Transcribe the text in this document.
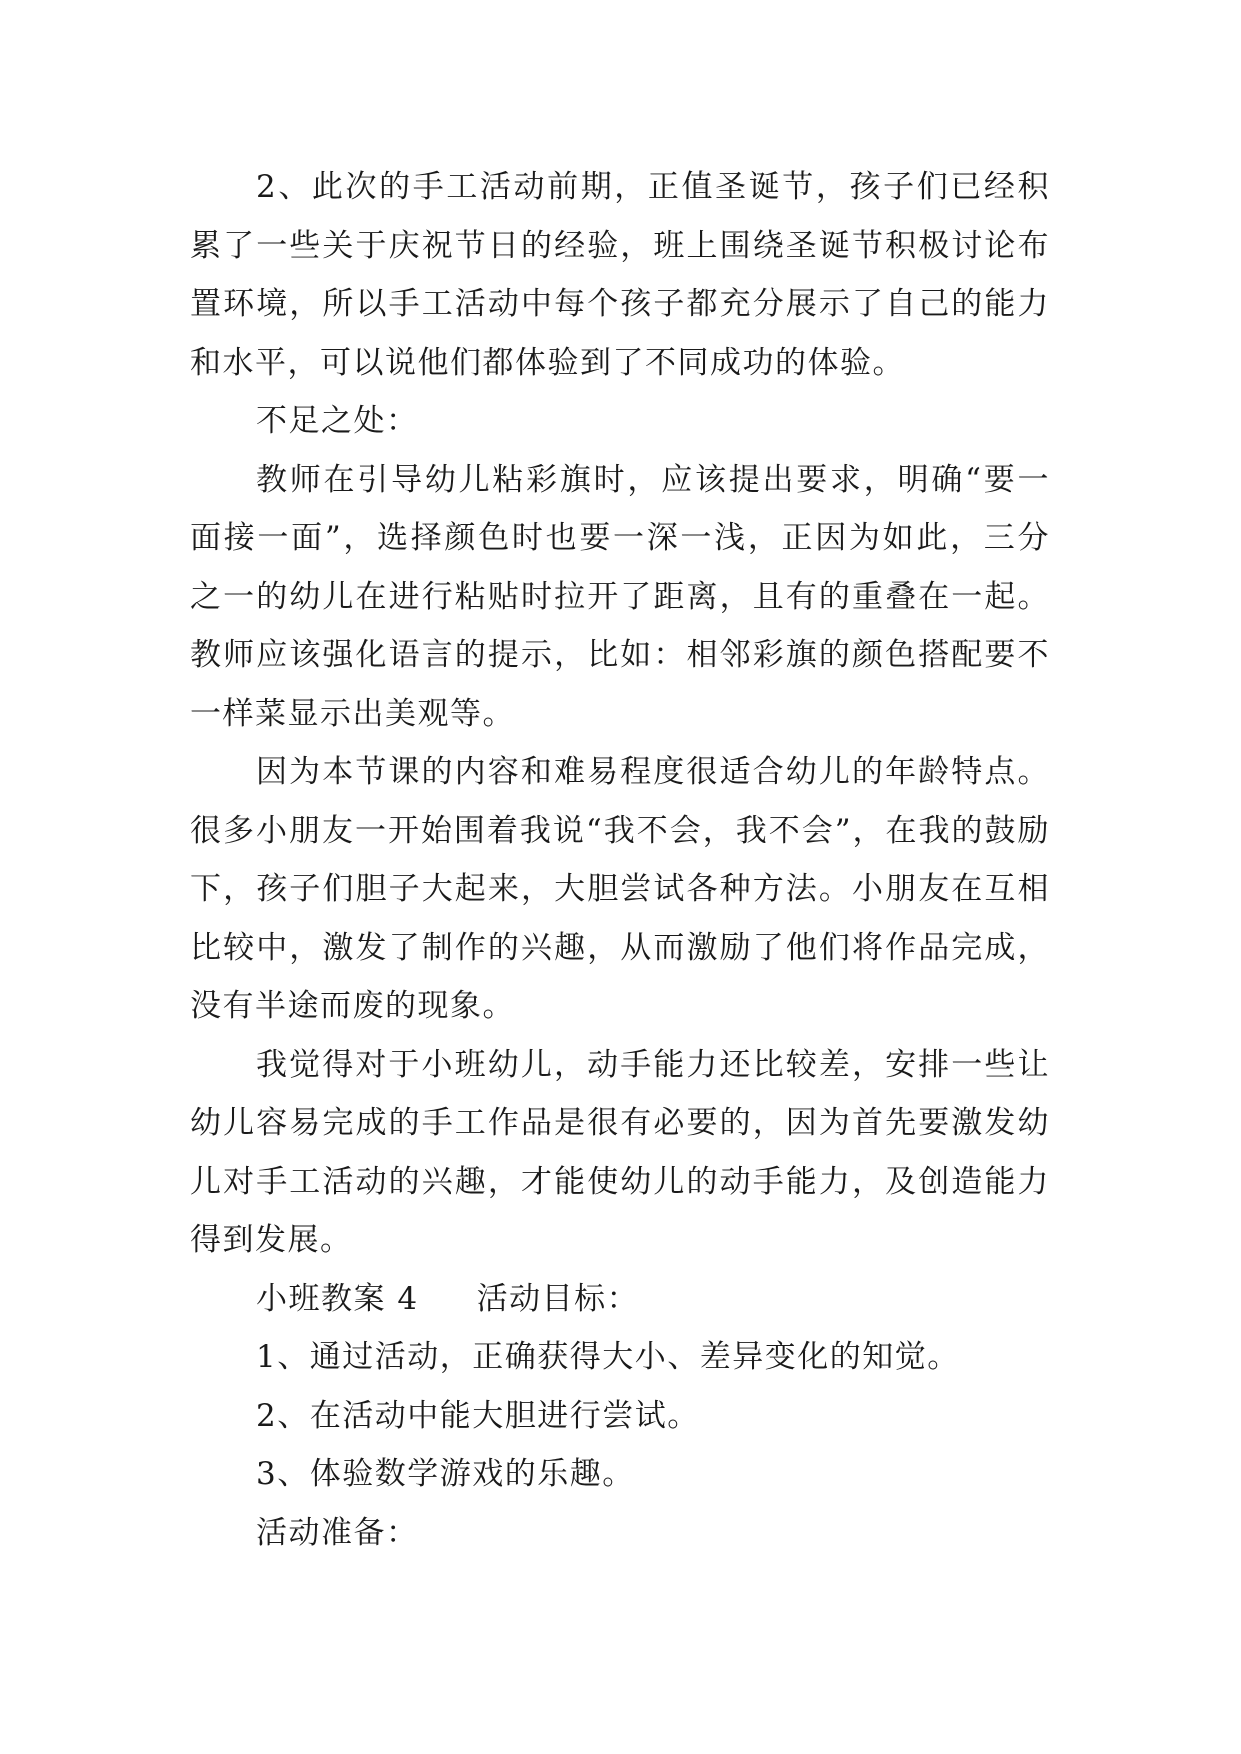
2、此次的手工活动前期，正值圣诞节，孩子们已经积累了一些关于庆祝节日的经验，班上围绕圣诞节积极讨论布置环境，所以手工活动中每个孩子都充分展示了自己的能力和水平，可以说他们都体验到了不同成功的体验。

不足之处：

教师在引导幼儿粘彩旗时，应该提出要求，明确“要一面接一面”，选择颜色时也要一深一浅，正因为如此，三分之一的幼儿在进行粘贴时拉开了距离，且有的重叠在一起。教师应该强化语言的提示，比如：相邻彩旗的颜色搭配要不一样菜显示出美观等。

因为本节课的内容和难易程度很适合幼儿的年龄特点。很多小朋友一开始围着我说“我不会，我不会”，在我的鼓励下，孩子们胆子大起来，大胆尝试各种方法。小朋友在互相比较中，激发了制作的兴趣，从而激励了他们将作品完成，没有半途而废的现象。

我觉得对于小班幼儿，动手能力还比较差，安排一些让幼儿容易完成的手工作品是很有必要的，因为首先要激发幼儿对手工活动的兴趣，才能使幼儿的动手能力，及创造能力得到发展。

小班教案 4 活动目标：

1、通过活动，正确获得大小、差异变化的知觉。

2、在活动中能大胆进行尝试。

3、体验数学游戏的乐趣。

活动准备：
